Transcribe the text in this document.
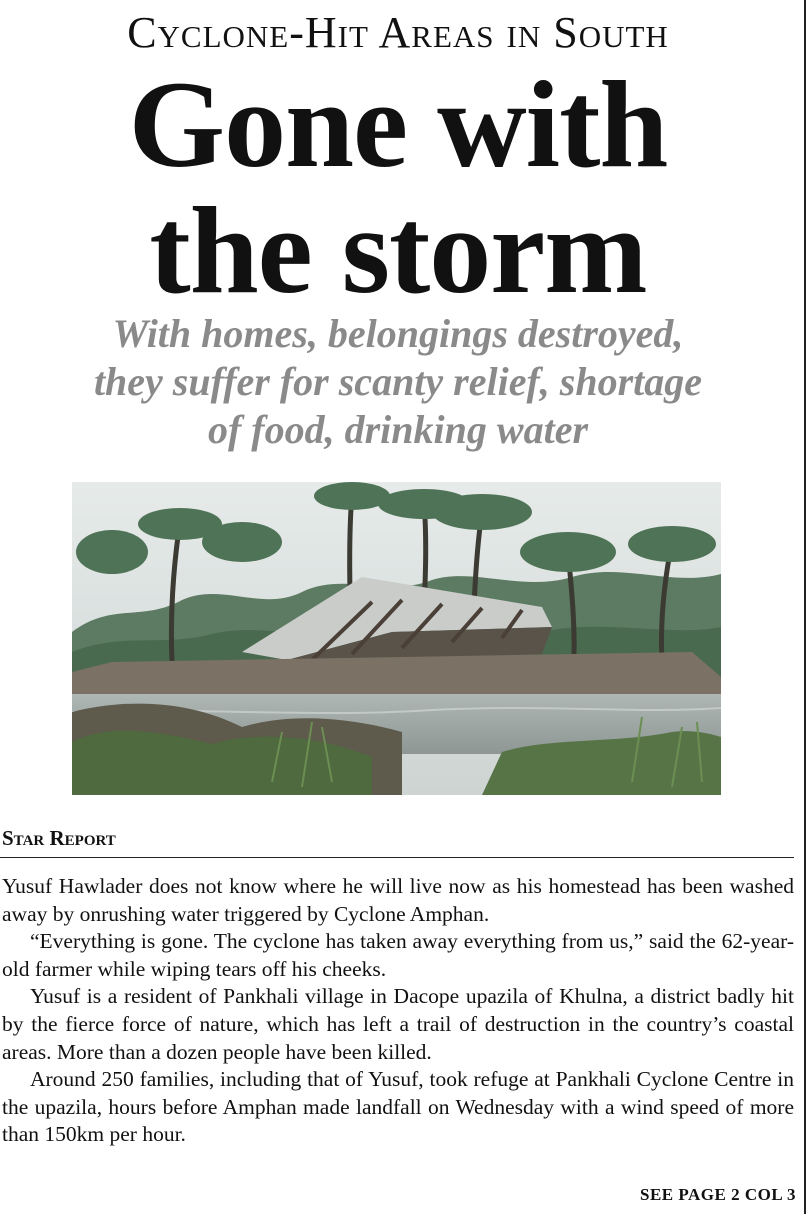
Cyclone-Hit Areas in South
Gone with
the storm
With homes, belongings destroyed,
they suffer for scanty relief, shortage
of food, drinking water
Star Report

Yusuf Hawlader does not know where he will live now as his homestead has been washed away by onrushing water triggered by Cyclone Amphan.

“Everything is gone. The cyclone has taken away everything from us,” said the 62-year-old farmer while wiping tears off his cheeks.

Yusuf is a resident of Pankhali village in Dacope upazila of Khulna, a district badly hit by the fierce force of nature, which has left a trail of destruction in the country’s coastal areas. More than a dozen people have been killed.

Around 250 families, including that of Yusuf, took refuge at Pankhali Cyclone Centre in the upazila, hours before Amphan made landfall on Wednesday with a wind speed of more than 150km per hour.

SEE PAGE 2 COL 3
